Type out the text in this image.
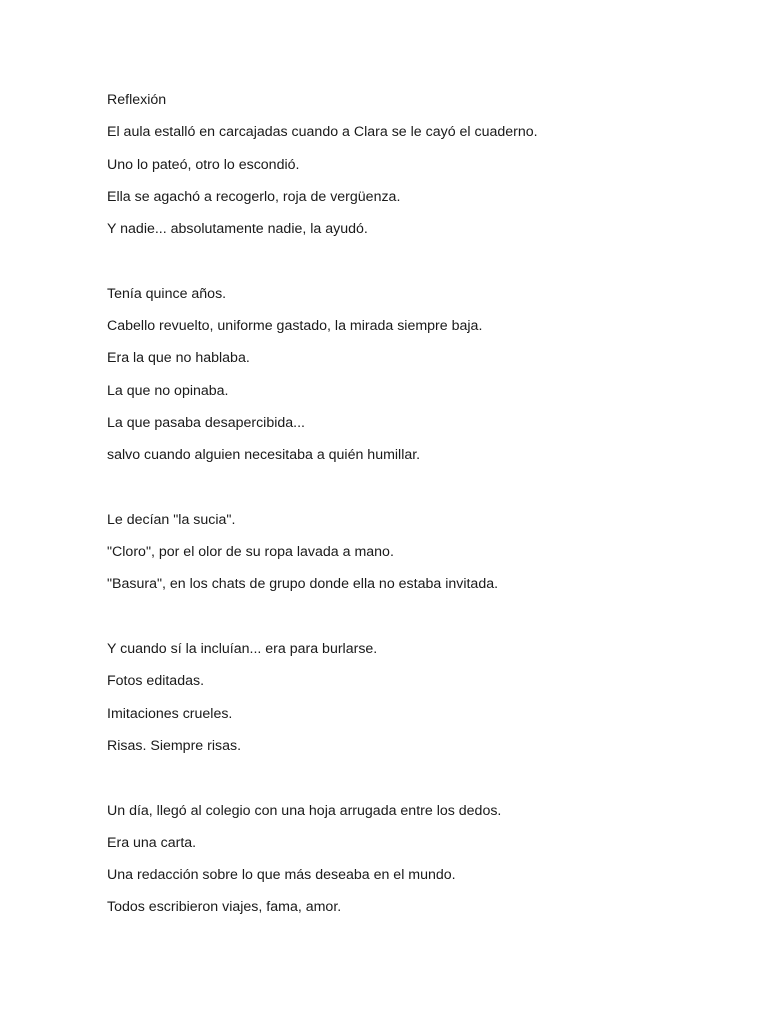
Reflexión
El aula estalló en carcajadas cuando a Clara se le cayó el cuaderno.
Uno lo pateó, otro lo escondió.
Ella se agachó a recogerlo, roja de vergüenza.
Y nadie... absolutamente nadie, la ayudó.
Tenía quince años.
Cabello revuelto, uniforme gastado, la mirada siempre baja.
Era la que no hablaba.
La que no opinaba.
La que pasaba desapercibida...
salvo cuando alguien necesitaba a quién humillar.
Le decían "la sucia".
"Cloro", por el olor de su ropa lavada a mano.
"Basura", en los chats de grupo donde ella no estaba invitada.
Y cuando sí la incluían... era para burlarse.
Fotos editadas.
Imitaciones crueles.
Risas. Siempre risas.
Un día, llegó al colegio con una hoja arrugada entre los dedos.
Era una carta.
Una redacción sobre lo que más deseaba en el mundo.
Todos escribieron viajes, fama, amor.
